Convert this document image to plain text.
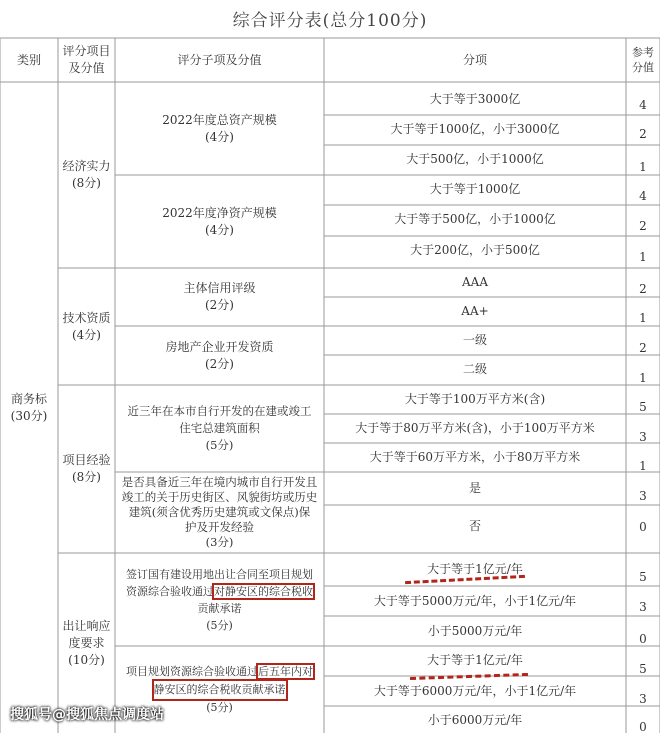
综合评分表(总分100分)
类别
评分项目
及分值
评分子项及分值	分项	参考
分值
商务标
(30分)
经济实力
(8分)
技术资质
(4分)
项目经验
(8分)
出让响应
度要求
(10分)
2022年度总资产规模
(4分)
2022年度净资产规模
(4分)
主体信用评级
(2分)
房地产企业开发资质
(2分)
近三年在本市自行开发的在建或竣工
住宅总建筑面积
(5分)
是否具备近三年在境内城市自行开发且
竣工的关于历史街区、风貌街坊或历史
建筑(须含优秀历史建筑或文保点)保
护及开发经验
(3分)
签订国有建设用地出让合同至项目规划
资源综合验收通过对静安区的综合税收
贡献承诺
(5分)
项目规划资源综合验收通过后五年内对
静安区的综合税收贡献承诺
(5分)
大于等于3000亿
大于等于1000亿，小于3000亿
大于500亿，小于1000亿
大于等于1000亿
大于等于500亿，小于1000亿
大于200亿，小于500亿
AAA
AA+
一级
二级
大于等于100万平方米(含)
大于等于80万平方米(含)，小于100万平方米
大于等于60万平方米，小于80万平方米
是
否
大于等于1亿元/年
大于等于5000万元/年，小于1亿元/年
小于5000万元/年
大于等于1亿元/年
大于等于6000万元/年，小于1亿元/年
小于6000万元/年
4
2
1
4
2
1
2
1
2
1
5
3
1
3
0
5
3
0
5
3
0
搜狐号@搜狐焦点调度站
